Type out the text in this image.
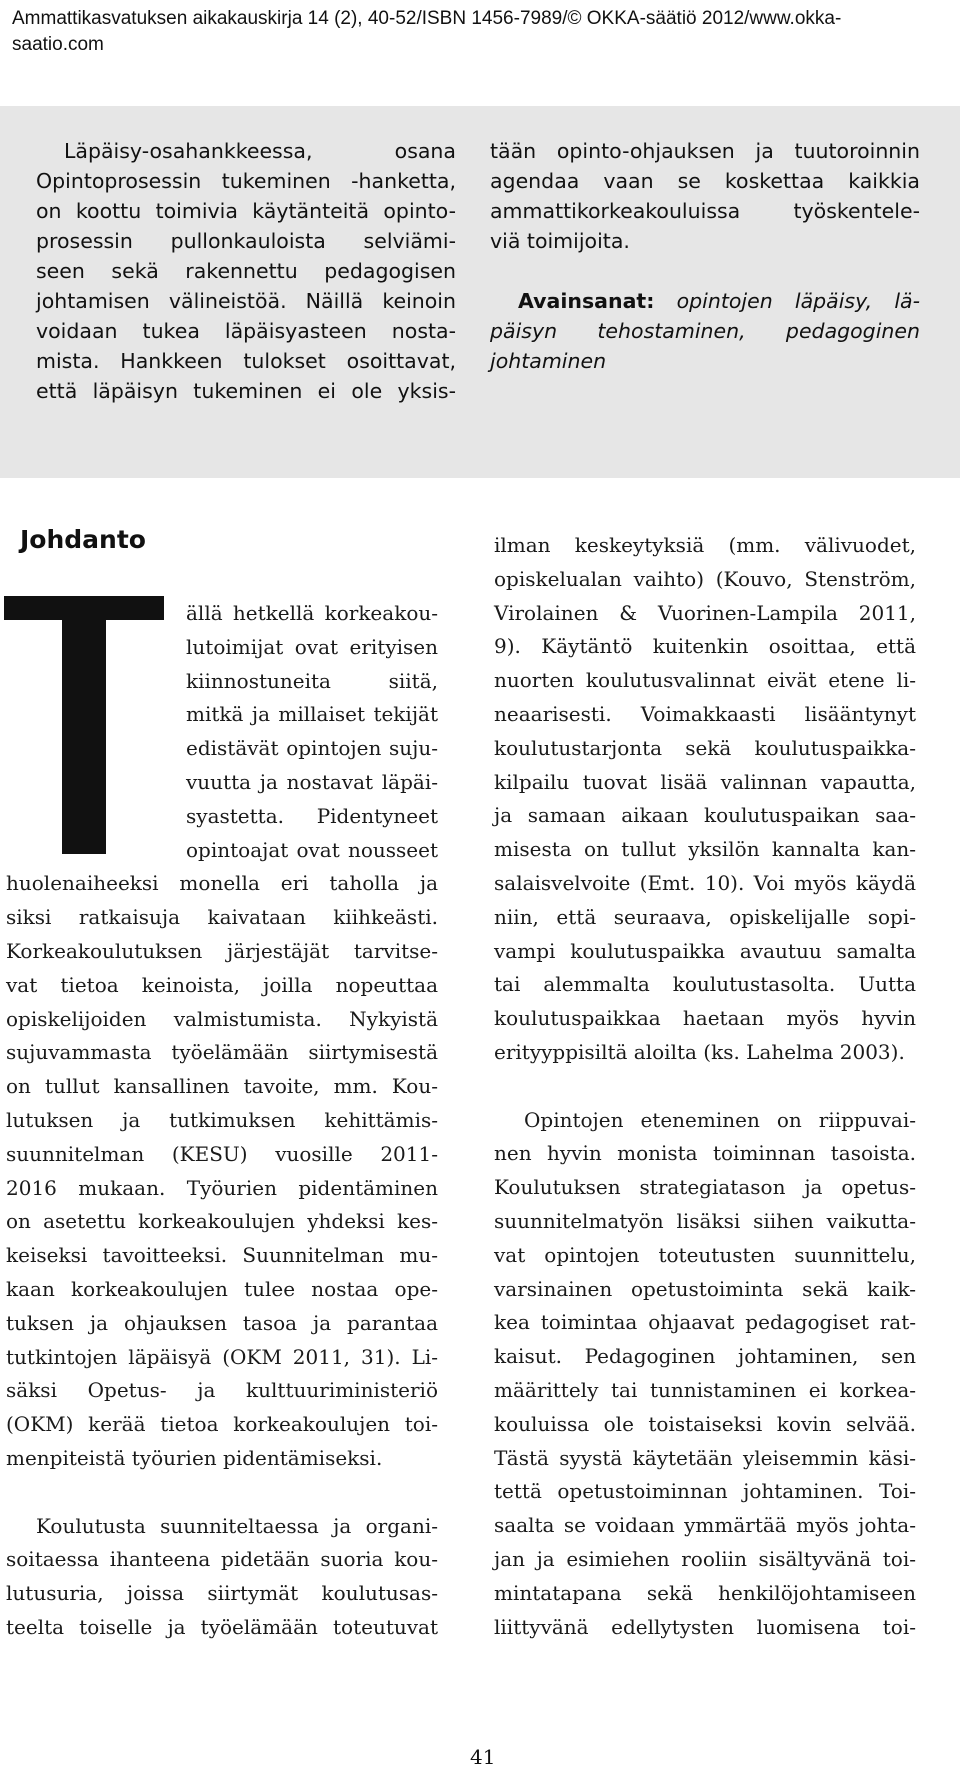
Ammattikasvatuksen aikakauskirja 14 (2), 40-52/ISBN 1456-7989/© OKKA-säätiö 2012/www.okka-saatio.com
Läpäisy-osahankkeessa, osana
Opintoprosessin tukeminen -hanketta,
on koottu toimivia käytänteitä opinto-
prosessin pullonkauloista selviämi-
seen sekä rakennettu pedagogisen
johtamisen välineistöä. Näillä keinoin
voidaan tukea läpäisyasteen nosta-
mista. Hankkeen tulokset osoittavat,
että läpäisyn tukeminen ei ole yksis-
tään opinto-ohjauksen ja tuutoroinnin
agendaa vaan se koskettaa kaikkia
ammattikorkeakouluissa työskentele-
viä toimijoita.
Avainsanat: opintojen läpäisy, lä-
päisyn tehostaminen, pedagoginen
johtaminen
Johdanto
ällä hetkellä korkeakou-
lutoimijat ovat erityisen
kiinnostuneita siitä,
mitkä ja millaiset tekijät
edistävät opintojen suju-
vuutta ja nostavat läpäi-
syastetta. Pidentyneet
opintoajat ovat nousseet
huolenaiheeksi monella eri taholla ja
siksi ratkaisuja kaivataan kiihkeästi.
Korkeakoulutuksen järjestäjät tarvitse-
vat tietoa keinoista, joilla nopeuttaa
opiskelijoiden valmistumista. Nykyistä
sujuvammasta työelämään siirtymisestä
on tullut kansallinen tavoite, mm. Kou-
lutuksen ja tutkimuksen kehittämis-
suunnitelman (KESU) vuosille 2011-
2016 mukaan. Työurien pidentäminen
on asetettu korkeakoulujen yhdeksi kes-
keiseksi tavoitteeksi. Suunnitelman mu-
kaan korkeakoulujen tulee nostaa ope-
tuksen ja ohjauksen tasoa ja parantaa
tutkintojen läpäisyä (OKM 2011, 31). Li-
säksi Opetus- ja kulttuuriministeriö
(OKM) kerää tietoa korkeakoulujen toi-
menpiteistä työurien pidentämiseksi.
Koulutusta suunniteltaessa ja organi-
soitaessa ihanteena pidetään suoria kou-
lutusuria, joissa siirtymät koulutusas-
teelta toiselle ja työelämään toteutuvat
ilman keskeytyksiä (mm. välivuodet,
opiskelualan vaihto) (Kouvo, Stenström,
Virolainen & Vuorinen-Lampila 2011,
9). Käytäntö kuitenkin osoittaa, että
nuorten koulutusvalinnat eivät etene li-
neaarisesti. Voimakkaasti lisääntynyt
koulutustarjonta sekä koulutuspaikka-
kilpailu tuovat lisää valinnan vapautta,
ja samaan aikaan koulutuspaikan saa-
misesta on tullut yksilön kannalta kan-
salaisvelvoite (Emt. 10). Voi myös käydä
niin, että seuraava, opiskelijalle sopi-
vampi koulutuspaikka avautuu samalta
tai alemmalta koulutustasolta. Uutta
koulutuspaikkaa haetaan myös hyvin
erityyppisiltä aloilta (ks. Lahelma 2003).
Opintojen eteneminen on riippuvai-
nen hyvin monista toiminnan tasoista.
Koulutuksen strategiatason ja opetus-
suunnitelmatyön lisäksi siihen vaikutta-
vat opintojen toteutusten suunnittelu,
varsinainen opetustoiminta sekä kaik-
kea toimintaa ohjaavat pedagogiset rat-
kaisut. Pedagoginen johtaminen, sen
määrittely tai tunnistaminen ei korkea-
kouluissa ole toistaiseksi kovin selvää.
Tästä syystä käytetään yleisemmin käsi-
tettä opetustoiminnan johtaminen. Toi-
saalta se voidaan ymmärtää myös johta-
jan ja esimiehen rooliin sisältyvänä toi-
mintatapana sekä henkilöjohtamiseen
liittyvänä edellytysten luomisena toi-
41
